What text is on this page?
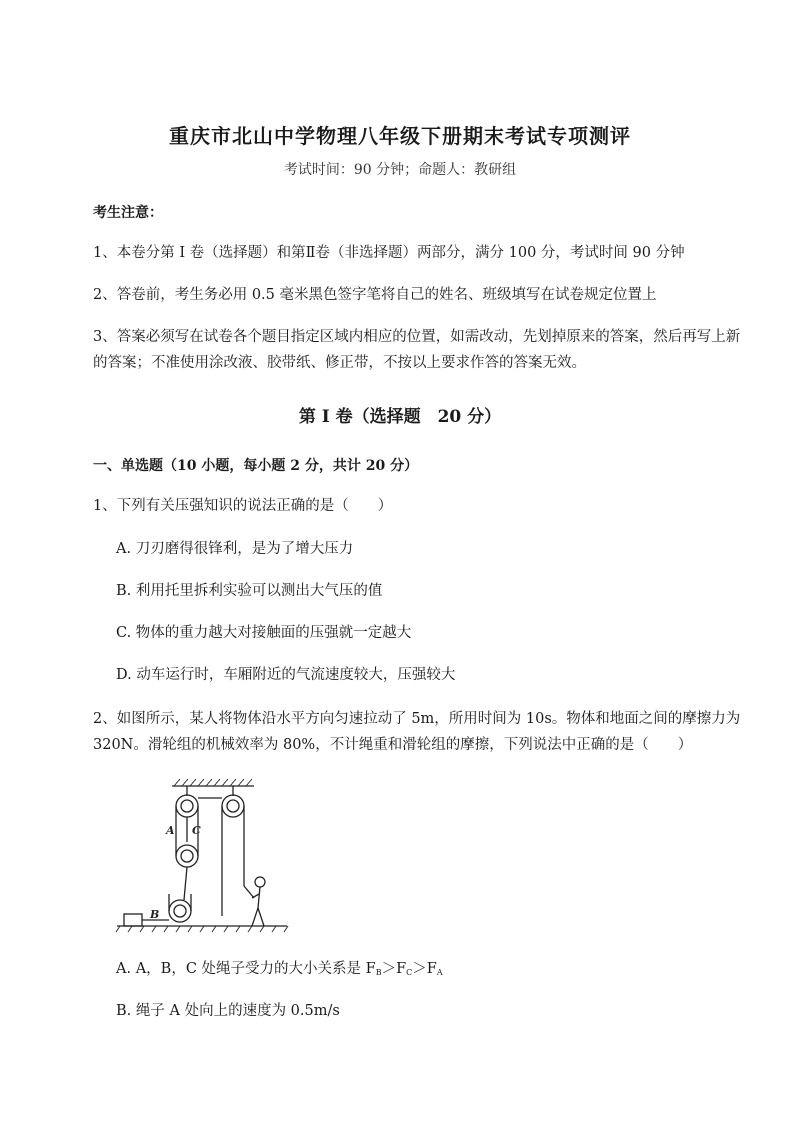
重庆市北山中学物理八年级下册期末考试专项测评
考试时间：90 分钟；命题人：教研组
考生注意：
1、本卷分第 I 卷（选择题）和第Ⅱ卷（非选择题）两部分，满分 100 分，考试时间 90 分钟
2、答卷前，考生务必用 0.5 毫米黑色签字笔将自己的姓名、班级填写在试卷规定位置上
3、答案必须写在试卷各个题目指定区域内相应的位置，如需改动，先划掉原来的答案，然后再写上新的答案；不准使用涂改液、胶带纸、修正带，不按以上要求作答的答案无效。
第 I 卷（选择题　20 分）
一、单选题（10 小题，每小题 2 分，共计 20 分）
1、下列有关压强知识的说法正确的是（　　）
A. 刀刃磨得很锋利，是为了增大压力
B. 利用托里拆利实验可以测出大气压的值
C. 物体的重力越大对接触面的压强就一定越大
D. 动车运行时，车厢附近的气流速度较大，压强较大
2、如图所示，某人将物体沿水平方向匀速拉动了 5m，所用时间为 10s。物体和地面之间的摩擦力为 320N。滑轮组的机械效率为 80%，不计绳重和滑轮组的摩擦，下列说法中正确的是（　　）
A C
B
A. A，B，C 处绳子受力的大小关系是 $F_B>F_C>F_A$
B. 绳子 A 处向上的速度为 0.5m/s
